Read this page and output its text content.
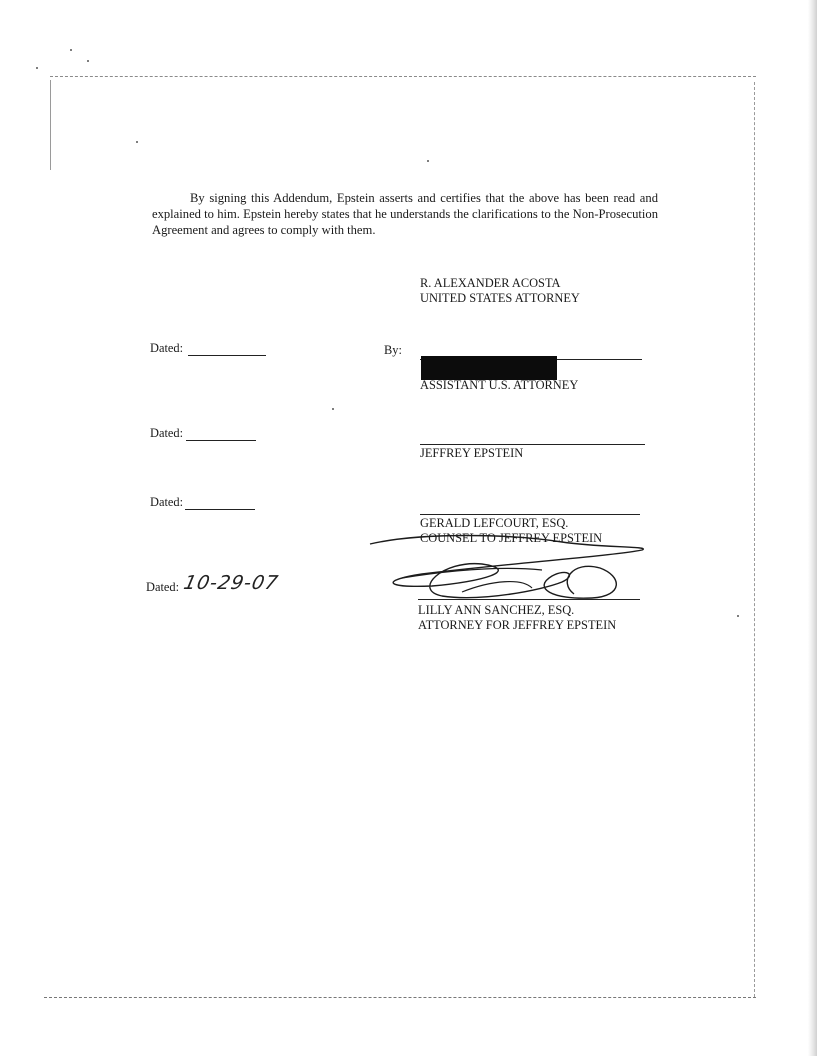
By signing this Addendum, Epstein asserts and certifies that the above has been read and explained to him. Epstein hereby states that he understands the clarifications to the Non-Prosecution Agreement and agrees to comply with them.
R. ALEXANDER ACOSTA
UNITED STATES ATTORNEY
Dated:	By:
ASSISTANT U.S. ATTORNEY
Dated:
JEFFREY EPSTEIN
Dated:
GERALD LEFCOURT, ESQ.
COUNSEL TO JEFFREY EPSTEIN
Dated: 10-29-07
LILLY ANN SANCHEZ, ESQ.
ATTORNEY FOR JEFFREY EPSTEIN
